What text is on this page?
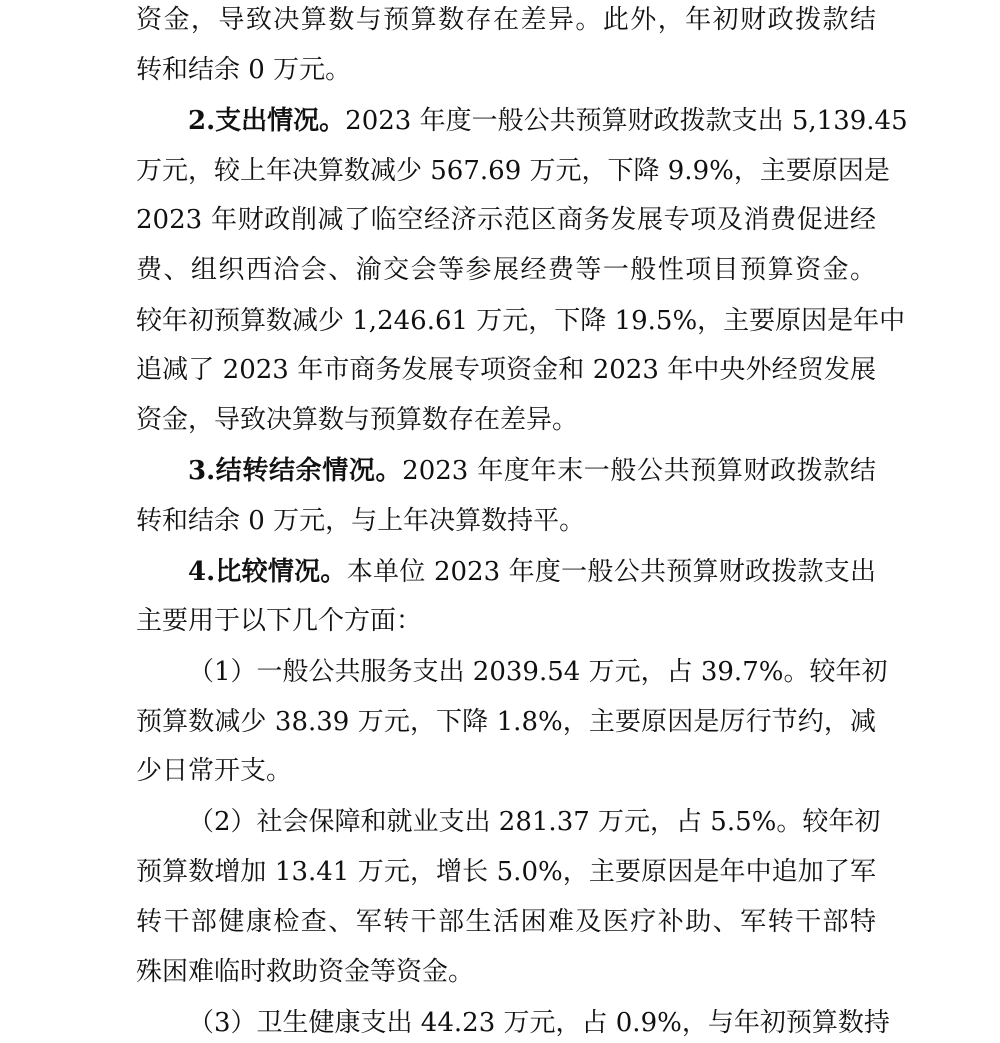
资金，导致决算数与预算数存在差异。此外，年初财政拨款结
转和结余 0 万元。
2.支出情况。2023 年度一般公共预算财政拨款支出 5,139.45
万元，较上年决算数减少 567.69 万元，下降 9.9%，主要原因是
2023 年财政削减了临空经济示范区商务发展专项及消费促进经
费、组织西洽会、渝交会等参展经费等一般性项目预算资金。
较年初预算数减少 1,246.61 万元，下降 19.5%，主要原因是年中
追减了 2023 年市商务发展专项资金和 2023 年中央外经贸发展
资金，导致决算数与预算数存在差异。
3.结转结余情况。2023 年度年末一般公共预算财政拨款结
转和结余 0 万元，与上年决算数持平。
4.比较情况。本单位 2023 年度一般公共预算财政拨款支出
主要用于以下几个方面：
（1）一般公共服务支出 2039.54 万元，占 39.7%。较年初
预算数减少 38.39 万元，下降 1.8%，主要原因是厉行节约，减
少日常开支。
（2）社会保障和就业支出 281.37 万元，占 5.5%。较年初
预算数增加 13.41 万元，增长 5.0%，主要原因是年中追加了军
转干部健康检查、军转干部生活困难及医疗补助、军转干部特
殊困难临时救助资金等资金。
（3）卫生健康支出 44.23 万元，占 0.9%，与年初预算数持
